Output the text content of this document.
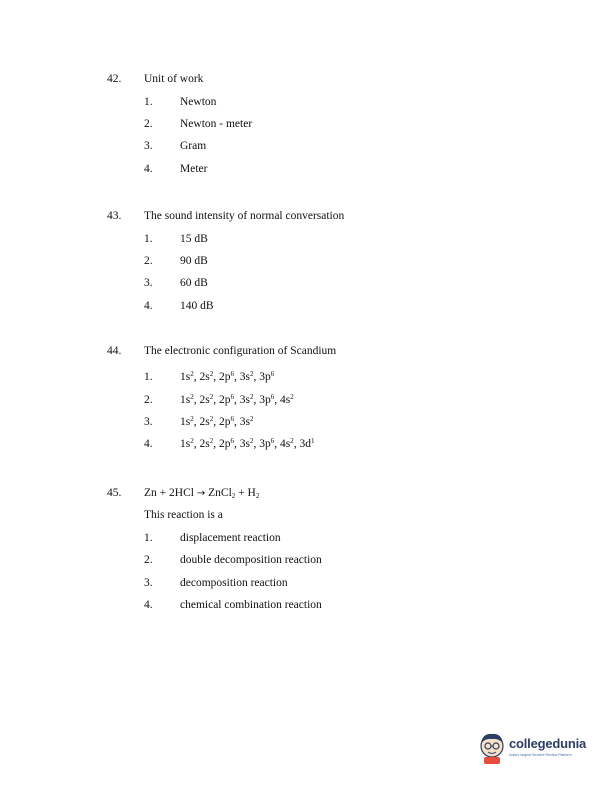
42. Unit of work
1. Newton
2. Newton - meter
3. Gram
4. Meter
43. The sound intensity of normal conversation
1. 15 dB
2. 90 dB
3. 60 dB
4. 140 dB
44. The electronic configuration of Scandium
1. $1s^2$, $2s^2$, $2p^6$, $3s^2$, $3p^6$
2. $1s^2$, $2s^2$, $2p^6$, $3s^2$, $3p^6$, $4s^2$
3. $1s^2$, $2s^2$, $2p^6$, $3s^2$
4. $1s^2$, $2s^2$, $2p^6$, $3s^2$, $3p^6$, $4s^2$, $3d^1$
45. Zn + 2HCl → ZnCl$_2$ + $H_2$
This reaction is a
1. displacement reaction
2. double decomposition reaction
3. decomposition reaction
4. chemical combination reaction
collegedunia
India's largest Student Review Platform
